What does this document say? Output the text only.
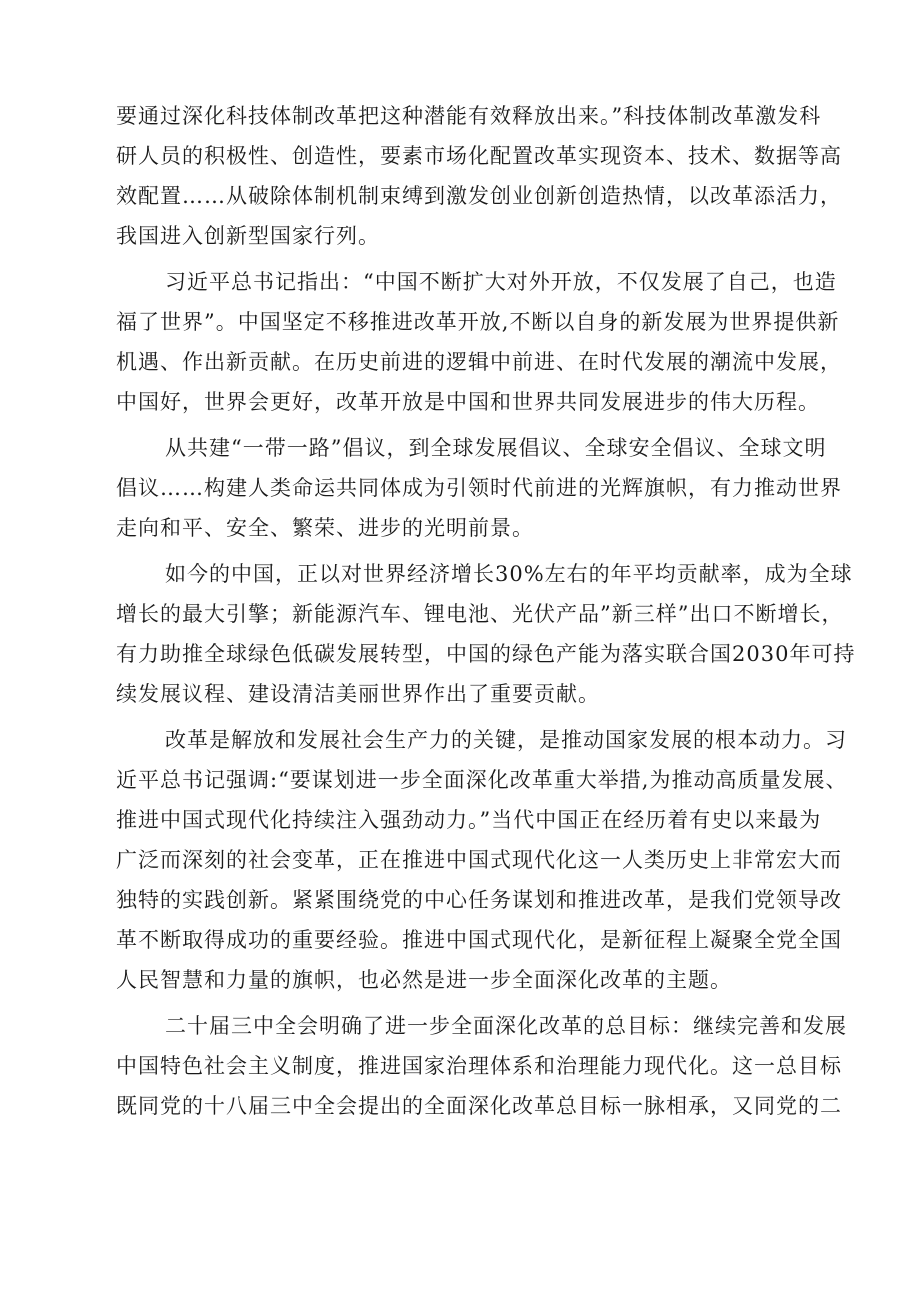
要通过深化科技体制改革把这种潜能有效释放出来。”科技体制改革激发科
研人员的积极性、创造性，要素市场化配置改革实现资本、技术、数据等高
效配置……从破除体制机制束缚到激发创业创新创造热情，以改革添活力，
我国进入创新型国家行列。
习近平总书记指出：“中国不断扩大对外开放，不仅发展了自己，也造
福了世界”。中国坚定不移推进改革开放,不断以自身的新发展为世界提供新
机遇、作出新贡献。在历史前进的逻辑中前进、在时代发展的潮流中发展，
中国好，世界会更好，改革开放是中国和世界共同发展进步的伟大历程。
从共建“一带一路”倡议，到全球发展倡议、全球安全倡议、全球文明
倡议……构建人类命运共同体成为引领时代前进的光辉旗帜，有力推动世界
走向和平、安全、繁荣、进步的光明前景。
如今的中国，正以对世界经济增长30%左右的年平均贡献率，成为全球
增长的最大引擎；新能源汽车、锂电池、光伏产品”新三样”出口不断增长，
有力助推全球绿色低碳发展转型，中国的绿色产能为落实联合国2030年可持
续发展议程、建设清洁美丽世界作出了重要贡献。
改革是解放和发展社会生产力的关键，是推动国家发展的根本动力。习
近平总书记强调:“要谋划进一步全面深化改革重大举措,为推动高质量发展、
推进中国式现代化持续注入强劲动力。”当代中国正在经历着有史以来最为
广泛而深刻的社会变革，正在推进中国式现代化这一人类历史上非常宏大而
独特的实践创新。紧紧围绕党的中心任务谋划和推进改革，是我们党领导改
革不断取得成功的重要经验。推进中国式现代化，是新征程上凝聚全党全国
人民智慧和力量的旗帜，也必然是进一步全面深化改革的主题。
二十届三中全会明确了进一步全面深化改革的总目标：继续完善和发展
中国特色社会主义制度，推进国家治理体系和治理能力现代化。这一总目标
既同党的十八届三中全会提出的全面深化改革总目标一脉相承，又同党的二
